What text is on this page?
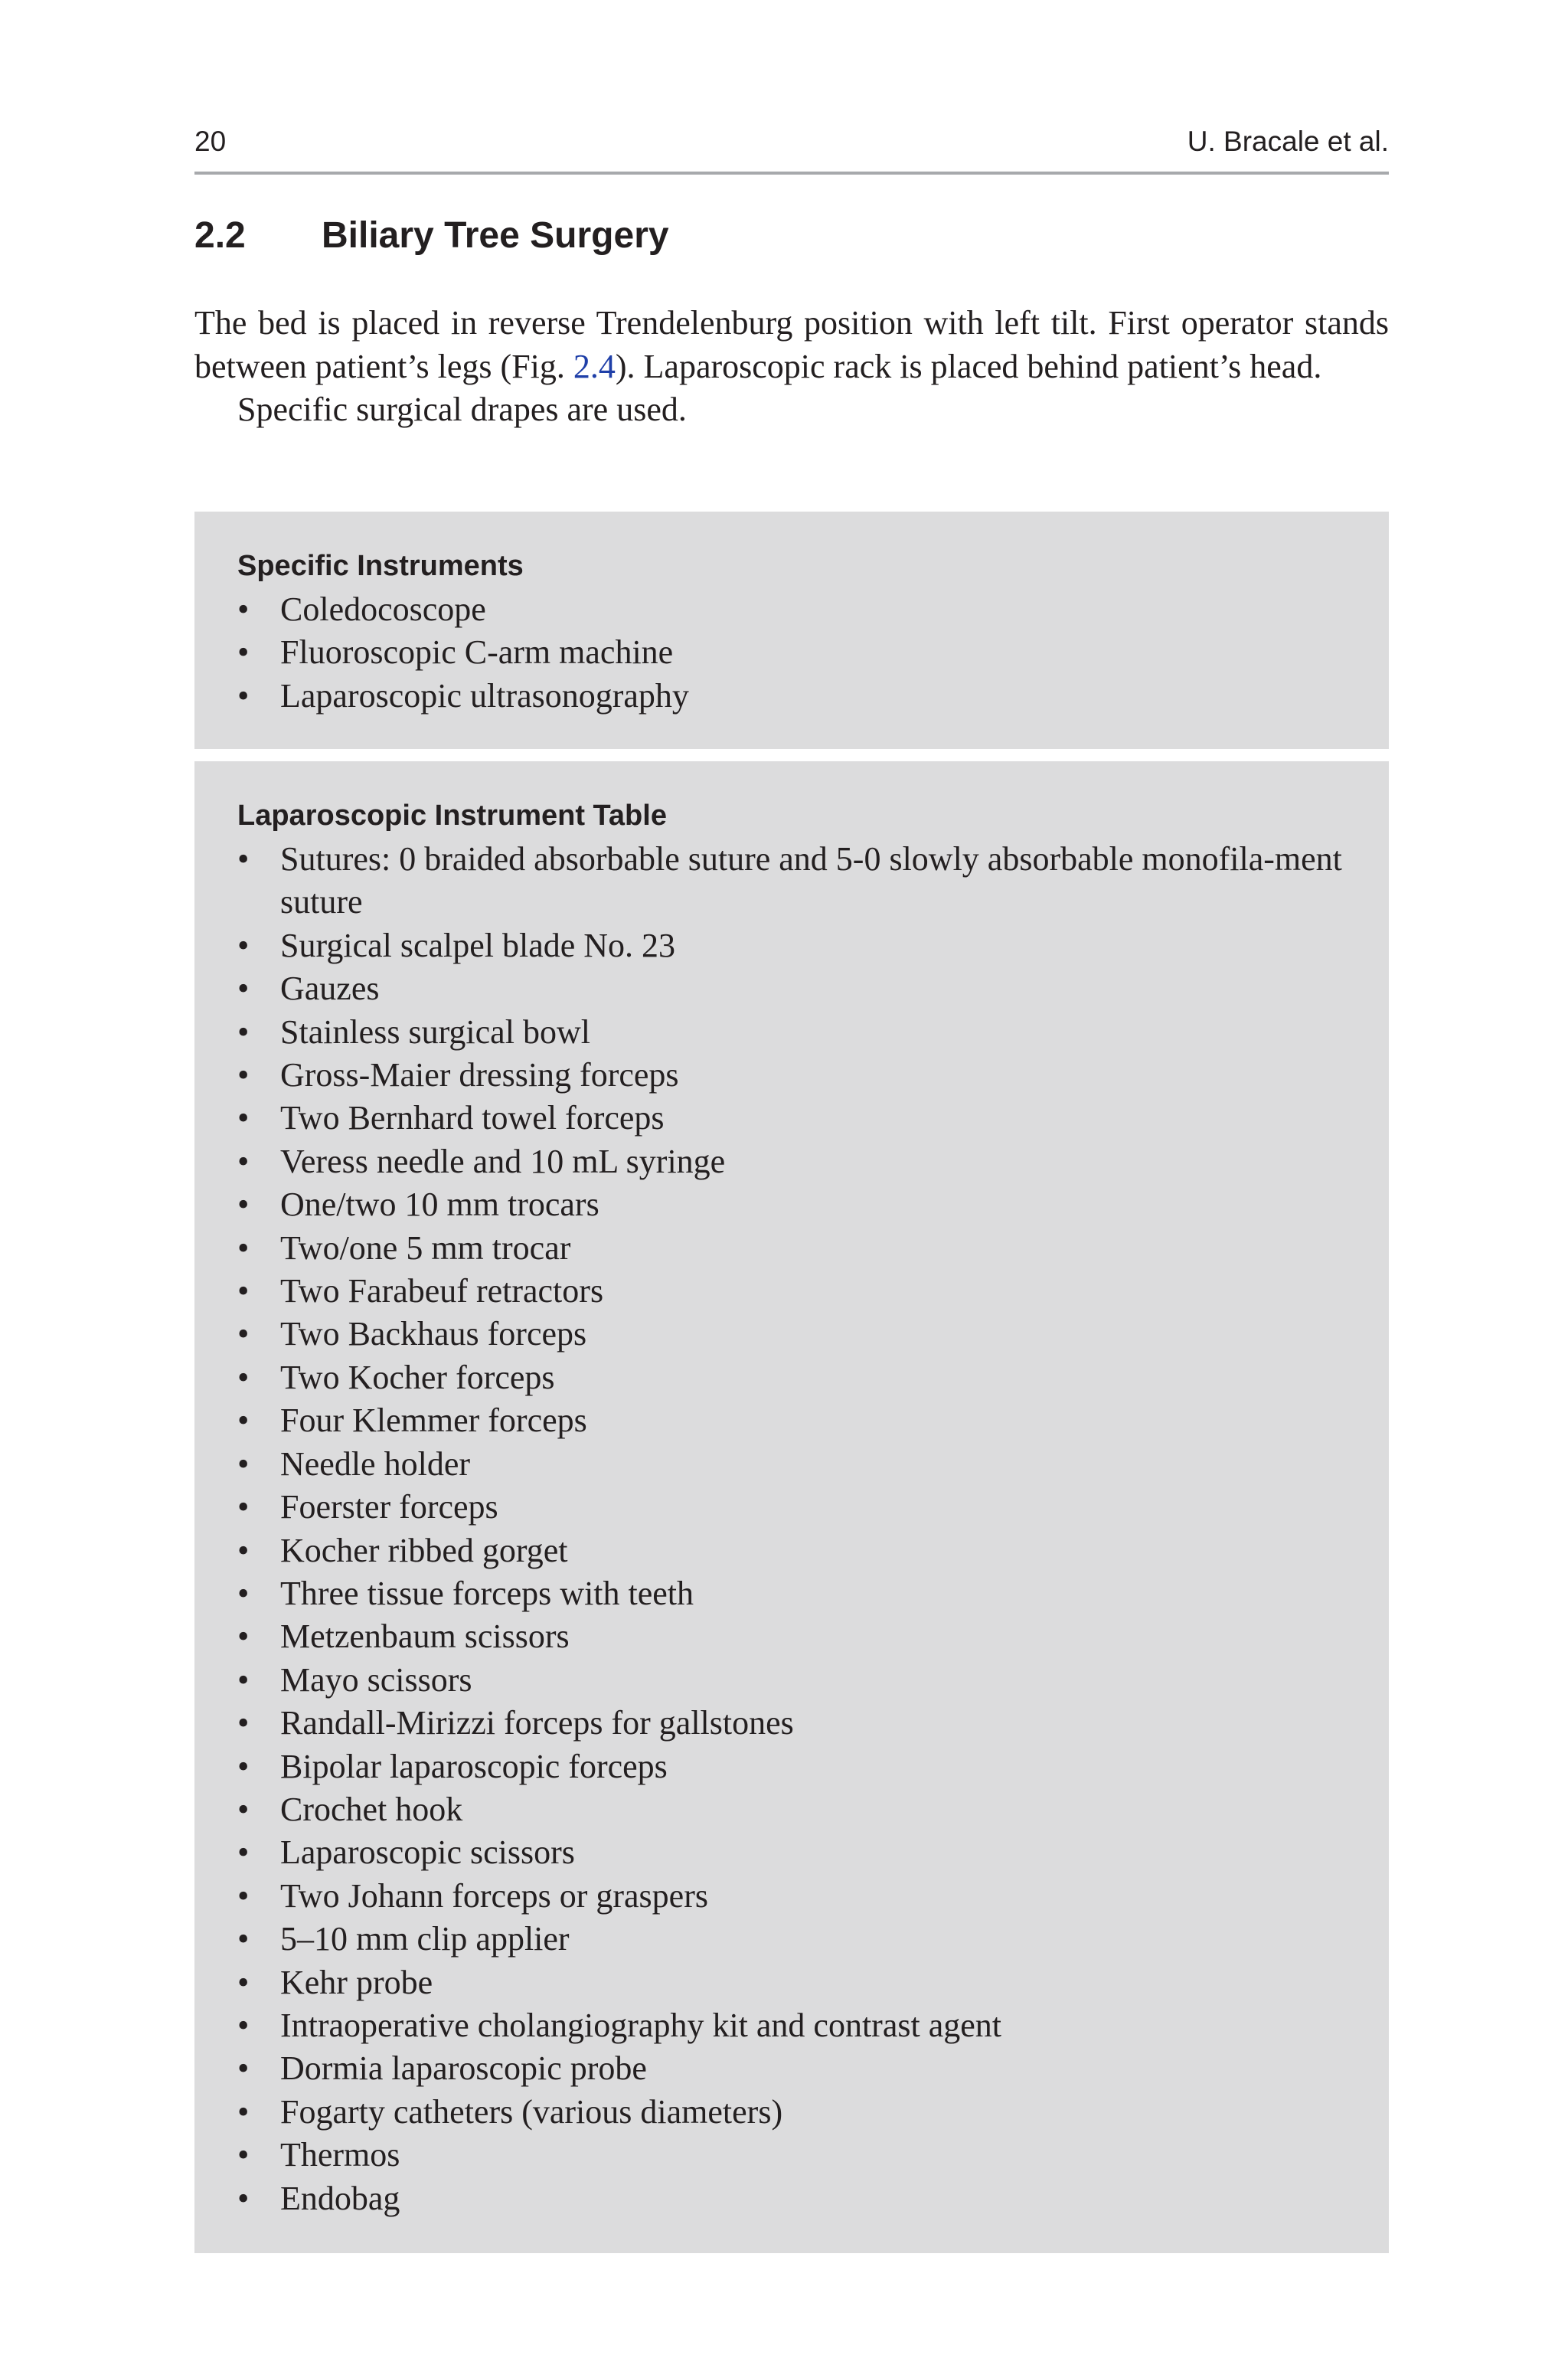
20	U. Bracale et al.
2.2 Biliary Tree Surgery

The bed is placed in reverse Trendelenburg position with left tilt. First operator stands between patient’s legs (Fig. 2.4). Laparoscopic rack is placed behind patient’s head.

Specific surgical drapes are used.

Specific Instruments
• Coledocoscope
• Fluoroscopic C-arm machine
• Laparoscopic ultrasonography
Laparoscopic Instrument Table
• Sutures: 0 braided absorbable suture and 5-0 slowly absorbable monofila-ment suture
• Surgical scalpel blade No. 23
• Gauzes
• Stainless surgical bowl
• Gross-Maier dressing forceps
• Two Bernhard towel forceps
• Veress needle and 10 mL syringe
• One/two 10 mm trocars
• Two/one 5 mm trocar
• Two Farabeuf retractors
• Two Backhaus forceps
• Two Kocher forceps
• Four Klemmer forceps
• Needle holder
• Foerster forceps
• Kocher ribbed gorget
• Three tissue forceps with teeth
• Metzenbaum scissors
• Mayo scissors
• Randall-Mirizzi forceps for gallstones
• Bipolar laparoscopic forceps
• Crochet hook
• Laparoscopic scissors
• Two Johann forceps or graspers
• 5–10 mm clip applier
• Kehr probe
• Intraoperative cholangiography kit and contrast agent
• Dormia laparoscopic probe
• Fogarty catheters (various diameters)
• Thermos
• Endobag
